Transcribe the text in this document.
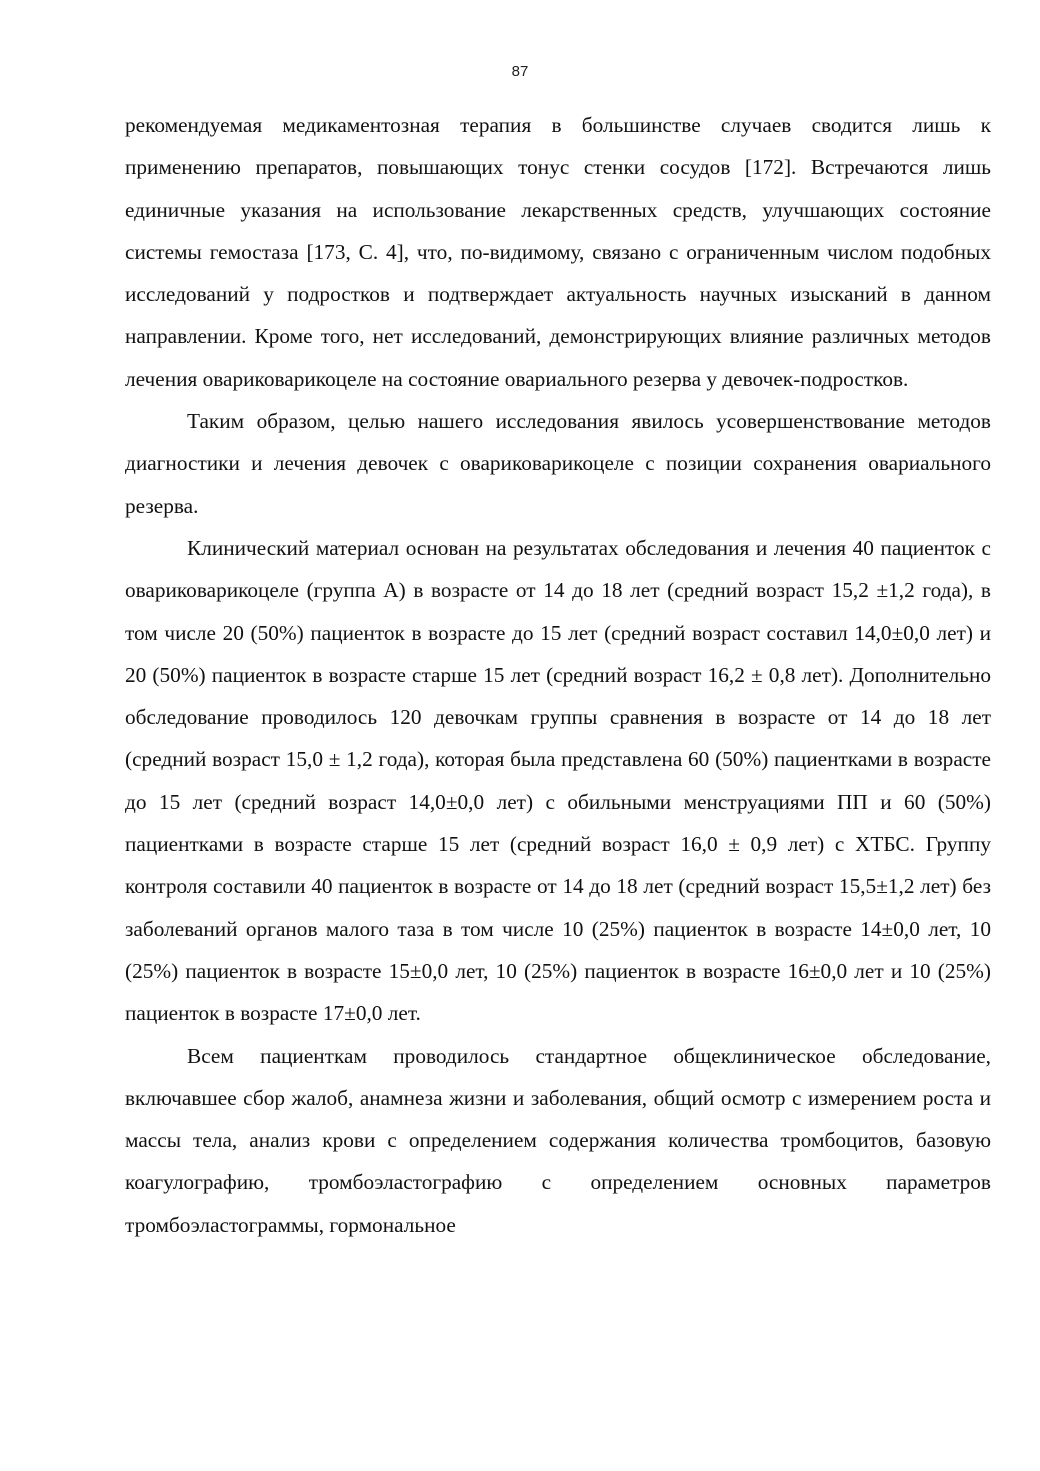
87

рекомендуемая медикаментозная терапия в большинстве случаев сводится лишь к применению препаратов, повышающих тонус стенки сосудов [172]. Встречаются лишь единичные указания на использование лекарственных средств, улучшающих состояние системы гемостаза [173, С. 4], что, по-видимому, связано с ограниченным числом подобных исследований у подростков и подтверждает актуальность научных изысканий в данном направлении. Кроме того, нет исследований, демонстрирующих влияние различных методов лечения овариковарикоцеле на состояние овариального резерва у девочек-подростков.

Таким образом, целью нашего исследования явилось усовершенствование методов диагностики и лечения девочек с овариковарикоцеле с позиции сохранения овариального резерва.

Клинический материал основан на результатах обследования и лечения 40 пациенток с овариковарикоцеле (группа А) в возрасте от 14 до 18 лет (средний возраст 15,2 ±1,2 года), в том числе 20 (50%) пациенток в возрасте до 15 лет (средний возраст составил 14,0±0,0 лет) и 20 (50%) пациенток в возрасте старше 15 лет (средний возраст 16,2 ± 0,8 лет). Дополнительно обследование проводилось 120 девочкам группы сравнения в возрасте от 14 до 18 лет (средний возраст 15,0 ± 1,2 года), которая была представлена 60 (50%) пациентками в возрасте до 15 лет (средний возраст 14,0±0,0 лет) с обильными менструациями ПП и 60 (50%) пациентками в возрасте старше 15 лет (средний возраст 16,0 ± 0,9 лет) с ХТБС. Группу контроля составили 40 пациенток в возрасте от 14 до 18 лет (средний возраст 15,5±1,2 лет) без заболеваний органов малого таза в том числе 10 (25%) пациенток в возрасте 14±0,0 лет, 10 (25%) пациенток в возрасте 15±0,0 лет, 10 (25%) пациенток в возрасте 16±0,0 лет и 10 (25%) пациенток в возрасте 17±0,0 лет.

Всем пациенткам проводилось стандартное общеклиническое обследование, включавшее сбор жалоб, анамнеза жизни и заболевания, общий осмотр с измерением роста и массы тела, анализ крови с определением содержания количества тромбоцитов, базовую коагулографию, тромбоэластографию с определением основных параметров тромбоэластограммы, гормональное
